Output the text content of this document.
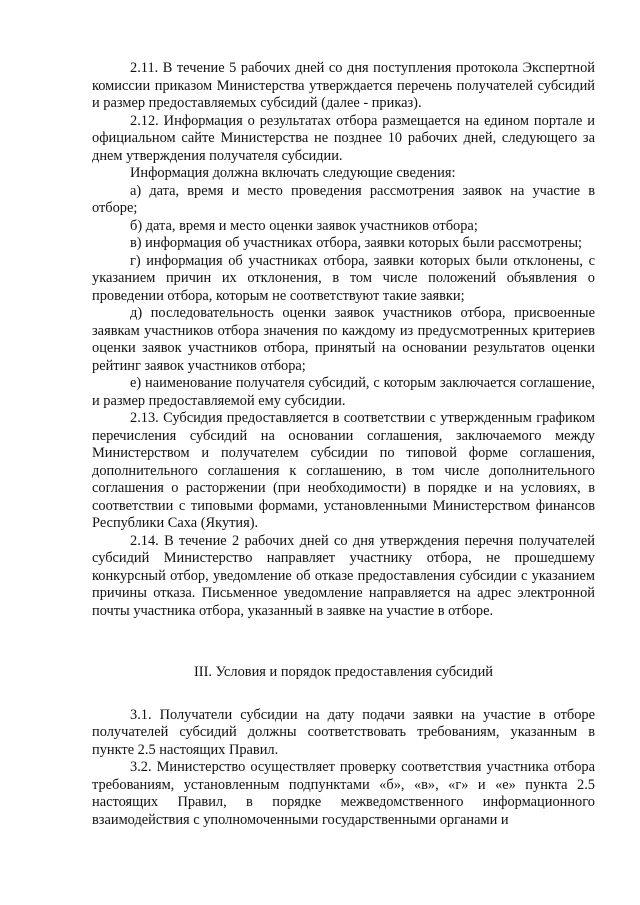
2.11. В течение 5 рабочих дней со дня поступления протокола Экспертной комиссии приказом Министерства утверждается перечень получателей субсидий и размер предоставляемых субсидий (далее - приказ).

2.12. Информация о результатах отбора размещается на едином портале и официальном сайте Министерства не позднее 10 рабочих дней, следующего за днем утверждения получателя субсидии.

Информация должна включать следующие сведения:

а) дата, время и место проведения рассмотрения заявок на участие в отборе;

б) дата, время и место оценки заявок участников отбора;

в) информация об участниках отбора, заявки которых были рассмотрены;

г) информация об участниках отбора, заявки которых были отклонены, с указанием причин их отклонения, в том числе положений объявления о проведении отбора, которым не соответствуют такие заявки;

д) последовательность оценки заявок участников отбора, присвоенные заявкам участников отбора значения по каждому из предусмотренных критериев оценки заявок участников отбора, принятый на основании результатов оценки рейтинг заявок участников отбора;

е) наименование получателя субсидий, с которым заключается соглашение, и размер предоставляемой ему субсидии.

2.13. Субсидия предоставляется в соответствии с утвержденным графиком перечисления субсидий на основании соглашения, заключаемого между Министерством и получателем субсидии по типовой форме соглашения, дополнительного соглашения к соглашению, в том числе дополнительного соглашения о расторжении (при необходимости) в порядке и на условиях, в соответствии с типовыми формами, установленными Министерством финансов Республики Саха (Якутия).

2.14. В течение 2 рабочих дней со дня утверждения перечня получателей субсидий Министерство направляет участнику отбора, не прошедшему конкурсный отбор, уведомление об отказе предоставления субсидии с указанием причины отказа. Письменное уведомление направляется на адрес электронной почты участника отбора, указанный в заявке на участие в отборе.

III. Условия и порядок предоставления субсидий

3.1. Получатели субсидии на дату подачи заявки на участие в отборе получателей субсидий должны соответствовать требованиям, указанным в пункте 2.5 настоящих Правил.

3.2. Министерство осуществляет проверку соответствия участника отбора требованиям, установленным подпунктами «б», «в», «г» и «е» пункта 2.5 настоящих Правил, в порядке межведомственного информационного взаимодействия с уполномоченными государственными органами и
